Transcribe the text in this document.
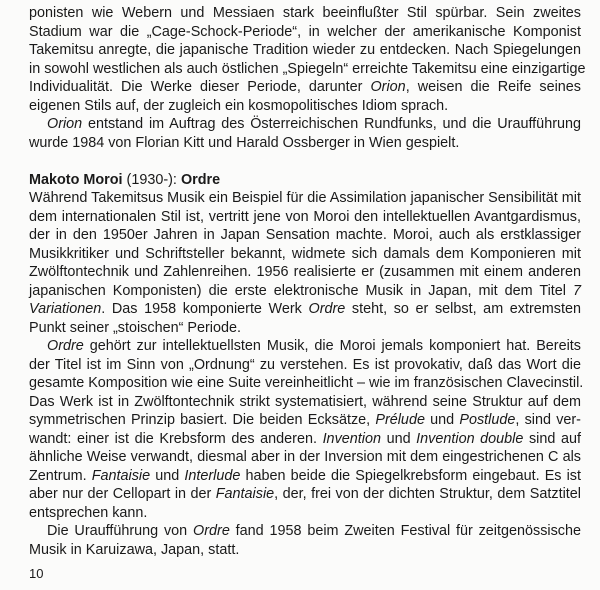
ponisten wie Webern und Messiaen stark beeinflußter Stil spürbar. Sein zweites
Stadium war die „Cage-Schock-Periode“, in welcher der amerikanische Komponist
Takemitsu anregte, die japanische Tradition wieder zu entdecken. Nach Spiegelungen
in sowohl westlichen als auch östlichen „Spiegeln“ erreichte Takemitsu eine einzigartige
Individualität. Die Werke dieser Periode, darunter Orion, weisen die Reife seines
eigenen Stils auf, der zugleich ein kosmopolitisches Idiom sprach.
Orion entstand im Auftrag des Österreichischen Rundfunks, und die Uraufführung
wurde 1984 von Florian Kitt und Harald Ossberger in Wien gespielt.
Makoto Moroi (1930-): Ordre
Während Takemitsus Musik ein Beispiel für die Assimilation japanischer Sensibilität mit
dem internationalen Stil ist, vertritt jene von Moroi den intellektuellen Avantgardismus,
der in den 1950er Jahren in Japan Sensation machte. Moroi, auch als erstklassiger
Musikkritiker und Schriftsteller bekannt, widmete sich damals dem Komponieren mit
Zwölftontechnik und Zahlenreihen. 1956 realisierte er (zusammen mit einem anderen
japanischen Komponisten) die erste elektronische Musik in Japan, mit dem Titel 7
Variationen. Das 1958 komponierte Werk Ordre steht, so er selbst, am extremsten
Punkt seiner „stoischen“ Periode.
Ordre gehört zur intellektuellsten Musik, die Moroi jemals komponiert hat. Bereits
der Titel ist im Sinn von „Ordnung“ zu verstehen. Es ist provokativ, daß das Wort die
gesamte Komposition wie eine Suite vereinheitlicht – wie im französischen Clavecinstil.
Das Werk ist in Zwölftontechnik strikt systematisiert, während seine Struktur auf dem
symmetrischen Prinzip basiert. Die beiden Ecksätze, Prélude und Postlude, sind ver-
wandt: einer ist die Krebsform des anderen. Invention und Invention double sind auf
ähnliche Weise verwandt, diesmal aber in der Inversion mit dem eingestrichenen C als
Zentrum. Fantaisie und Interlude haben beide die Spiegelkrebsform eingebaut. Es ist
aber nur der Cellopart in der Fantaisie, der, frei von der dichten Struktur, dem Satztitel
entsprechen kann.
Die Uraufführung von Ordre fand 1958 beim Zweiten Festival für zeitgenössische
Musik in Karuizawa, Japan, statt.
10
